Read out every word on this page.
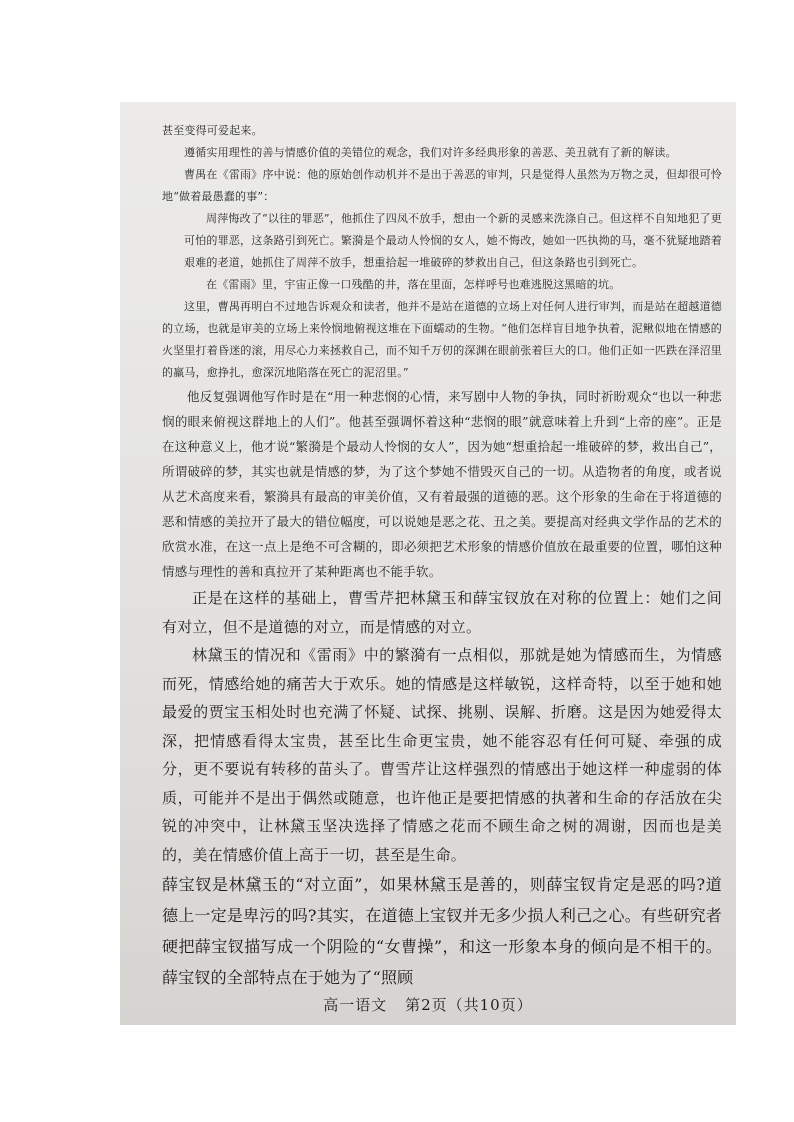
甚至变得可爱起来。

遵循实用理性的善与情感价值的美错位的观念，我们对许多经典形象的善恶、美丑就有了新的解读。

曹禺在《雷雨》序中说：他的原始创作动机并不是出于善恶的审判，只是觉得人虽然为万物之灵，但却很可怜地“做着最愚蠢的事”：

周萍悔改了“以往的罪恶”，他抓住了四凤不放手，想由一个新的灵感来洗涤自己。但这样不自知地犯了更可怕的罪恶，这条路引到死亡。繁漪是个最动人怜悯的女人，她不悔改，她如一匹执拗的马，毫不犹疑地踏着艰难的老道，她抓住了周萍不放手，想重拾起一堆破碎的梦救出自己，但这条路也引到死亡。

在《雷雨》里，宇宙正像一口残酷的井，落在里面，怎样呼号也难逃脱这黑暗的坑。

这里，曹禺再明白不过地告诉观众和读者，他并不是站在道德的立场上对任何人进行审判，而是站在超越道德的立场，也就是审美的立场上来怜悯地俯视这堆在下面蠕动的生物。“他们怎样盲目地争执着，泥鳅似地在情感的火坚里打着昏迷的滚，用尽心力来拯救自己，而不知千万仞的深渊在眼前张着巨大的口。他们正如一匹跌在泽沼里的羸马，愈挣扎，愈深沉地陷落在死亡的泥沼里。”

他反复强调他写作时是在“用一种悲悯的心情，来写剧中人物的争执，同时祈盼观众“也以一种悲悯的眼来俯视这群地上的人们”。他甚至强调怀着这种“悲悯的眼”就意味着上升到“上帝的座”。正是在这种意义上，他才说“繁漪是个最动人怜悯的女人”，因为她“想重拾起一堆破碎的梦，救出自己”，所谓破碎的梦，其实也就是情感的梦，为了这个梦她不惜毁灭自己的一切。从造物者的角度，或者说从艺术高度来看，繁漪具有最高的审美价值，又有着最强的道德的恶。这个形象的生命在于将道德的恶和情感的美拉开了最大的错位幅度，可以说她是恶之花、丑之美。要提高对经典文学作品的艺术的欣赏水准，在这一点上是绝不可含糊的，即必须把艺术形象的情感价值放在最重要的位置，哪怕这种情感与理性的善和真拉开了某种距离也不能手软。

正是在这样的基础上，曹雪芹把林黛玉和薛宝钗放在对称的位置上：她们之间有对立，但不是道德的对立，而是情感的对立。

林黛玉的情况和《雷雨》中的繁漪有一点相似，那就是她为情感而生，为情感而死，情感给她的痛苦大于欢乐。她的情感是这样敏锐，这样奇特，以至于她和她最爱的贾宝玉相处时也充满了怀疑、试探、挑剔、误解、折磨。这是因为她爱得太深，把情感看得太宝贵，甚至比生命更宝贵，她不能容忍有任何可疑、牵强的成分，更不要说有转移的苗头了。曹雪芹让这样强烈的情感出于她这样一种虚弱的体质，可能并不是出于偶然或随意，也许他正是要把情感的执著和生命的存活放在尖锐的冲突中，让林黛玉坚决选择了情感之花而不顾生命之树的凋谢，因而也是美的，美在情感价值上高于一切，甚至是生命。

薛宝钗是林黛玉的“对立面”，如果林黛玉是善的，则薛宝钗肯定是恶的吗?道德上一定是卑污的吗?其实，在道德上宝钗并无多少损人利己之心。有些研究者硬把薛宝钗描写成一个阴险的“女曹操”，和这一形象本身的倾向是不相干的。薛宝钗的全部特点在于她为了“照顾

高一语文 第2页（共10页）
